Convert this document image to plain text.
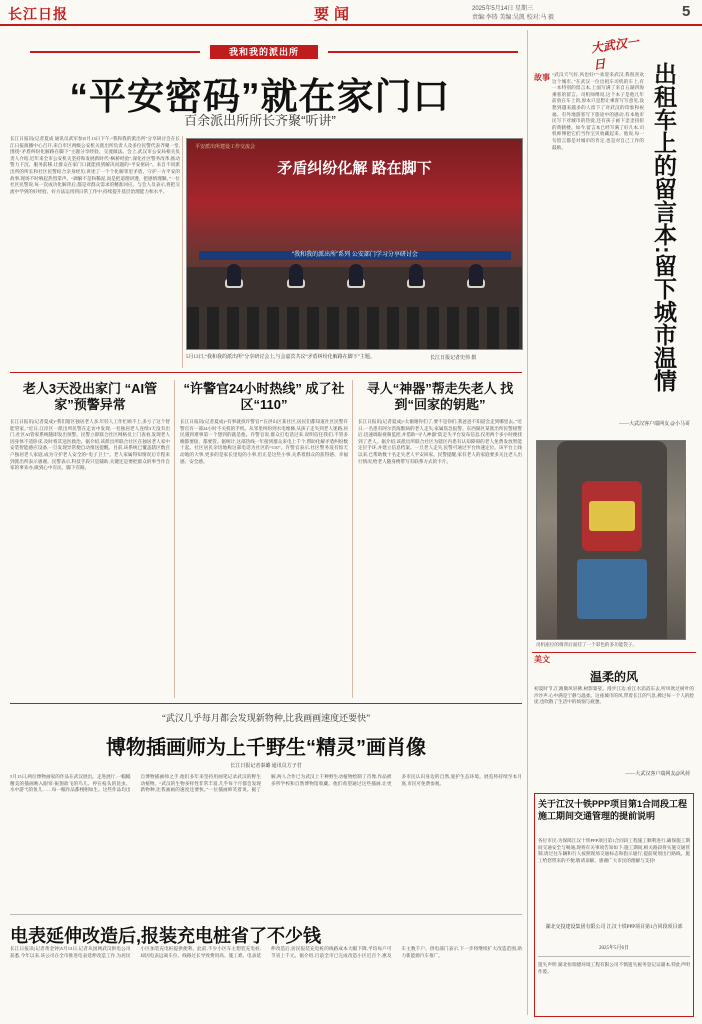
长江日报	要闻	2025年5月14日 星期三
责编:李铸 美编:吴凯 校对:马 毅	5
我和我的派出所
“平安密码”就在家门口
百余派出所所长齐聚“听讲”
长江日报讯(记者夏成 通讯员武军参)5月13日下午,“我和我的派出所”分享研讨会在长江日报演播中心召开,来自市区两级公安机关派出所负责人及多位民警代表齐聚一堂,围绕“矛盾纠纷化解路在脚下”主题分享经验、交流做法。会上,武汉市公安局相关负责人介绍,近年来全市公安机关坚持和发展新时代“枫桥经验”,深化社区警务改革,推动警力下沉、服务前移,让群众在家门口就能找到解决问题的“平安密码”。来自不同派出所的所长和社区民警结合亲身经历,讲述了一个个化解邻里矛盾、守护一方平安的故事,现场不时响起热烈掌声。“调解不是和稀泥,而是把道理讲透、把感情理顺。”一位社区民警说,每一次成功化解背后,都是对群众需求的精准回应。与会人员表示,将把交流中学到的好经验、好方法运用到日常工作中,持续提升基层治理能力和水平。
平安派出所建设工作交流会
矛盾纠纷化解 路在脚下
“我和我的派出所”系列 公安部门学习分享研讨会
5月13日,“我和我的派出所”分享研讨会上,与会嘉宾共议“矛盾纠纷化解路在脚下”主题。	长江日报记者史伟 摄
老人3天没出家门 “AI管家”预警异常
长江日报讯(记者夏成)“我们辖区独居老人多,年轻人工作忙顾不上,多亏了这个智能管家。”近日,江岸区一派出所民警在走访中发现,一名独居老人连续3天没有出门,社区AI管家系统随即发出预警。民警立即联合社区网格员上门查看,发现老人因身体不适卧床,及时将其送医救治。据介绍,该派出所联合社区在独居老人家中安装智能感应设备,一旦发现异常便自动推送提醒。目前,该系统已覆盖辖区数百户独居老人家庭,成为守护老人安全的“电子卫士”。老人家属得知情况后专程来到派出所表示感谢。民警表示,科技手段只是辅助,关键还是要把群众的事当作自家的事来办,做到心中有民、脚下有路。
“许警官24小时热线” 成了社区“110”
长江日报讯(记者夏成)“有事就找许警官!”在洪山区某社区,居民们都知道社区民警许警官有一部24小时不关机的手机。从邻里纠纷到水电维修,从孩子走失到老人迷路,居民遇到难事第一个想到的就是他。许警官说,群众打电话过来,说明信任我们,不管多晚都要接、都要管。据统计,这部热线一年接到群众来电上千个,帮助化解矛盾纠纷数十起。社区居民亲切地称这部电话为社区的“110”。许警官表示,社区警务没有惊天动地的大事,更多的是家长里短的小事,但正是这些小事,关系着群众的获得感、幸福感、安全感。
寻人“神器”帮走失老人 找到“回家的钥匙”
长江日报讯(记者夏成)“太谢谢你们了,要不是你们,我爸爸不知道会走到哪里去。”近日,一名患有阿尔茨海默病的老人走失,家属焦急报警。东西湖区某派出所民警接警后,迅速调取视频监控,并借助“寻人神器”防走失平台发布信息,仅用两个多小时便找到了老人。据介绍,该派出所联合社区为辖区内患有认知障碍的老人免费发放智能定位手环,并建立信息档案。一旦老人走失,民警可通过平台快速定位。该平台上线以来,已帮助数十名走失老人平安回家。民警提醒,家有老人的家庭要多关注老人出行情况,给老人随身携带写有联系方式的卡片。
“武汉几乎每月都会发现新物种,比我画画速度还要快”
博物插画师为上千野生“精灵”画肖像
长江日报记者秦璐 通讯员方子君
5月15日,两位博物画家的作品在武汉展出。走进展厅,一幅幅精美的插画映入眼帘:振翅欲飞的鸟儿、停在枝头的昆虫、水中游弋的鱼儿……每一幅作品都栩栩如生。这些作品均出自博物插画师之手,他们多年来坚持用画笔记录武汉的野生动植物。“武汉的生物多样性非常丰富,几乎每个月都会发现新物种,比我画画的速度还要快。”一位插画师笑着说。据了解,两人合作已为武汉上千种野生动植物绘制了肖像,作品被多所学校和自然博物馆收藏。他们希望通过这些插画,让更多市民认识身边的自然,爱护生态环境。展览将持续至本月底,市民可免费参观。
电表延伸改造后,报装充电桩省了不少钱
长江日报讯(记者黄金钟)5月13日,记者从国网武汉供电公司获悉,今年以来,该公司在全市推进电表延伸改造工作,为居民小区加装充电桩提供便利。此前,不少小区车主想装充电桩,却因电表远离车位、线路过长导致费用高、施工难。电表延伸改造后,居民报装充电桩的线路成本大幅下降,平均每户可节省上千元。据介绍,目前全市已完成改造小区近百个,惠及车主数千户。供电部门表示,下一步将继续扩大改造范围,助力新能源汽车推广。
大武汉一日	出租车上的留言本:留下城市温情
故事 “武汉天气好,风也好!”“欢迎来武汉,我很喜欢这个城市。”在武汉一位出租车司机的车上,有一本特别的留言本,上面写满了来自五湖四海乘客的留言。司机师傅说,这个本子是他几年前放在车上的,原本只是想让乘客写写意见,没想到越来越多的人留下了对武汉的印象和祝福。有外地游客写下旅途中的感动,有本地市民写下对城市的热爱,还有孩子画下歪歪扭扭的黄鹤楼。如今,留言本已经写满了好几本,司机师傅把它们当作宝贝收藏起来。他说,每一句留言都是对城市的肯定,也是对自己工作的鼓励。
——大武汉客户端网友 @小马哥
司机座位的椅背后面挂了一个彩色的多功能袋子。
美文
温柔的风
初夏时节,江滩微风轻拂,树影婆娑。漫步江边,看江水滔滔东去,听风吹过树叶的沙沙声,心中满是宁静与温柔。这座城市的风,带着长江的气息,拂过每一个人的脸庞,也吹散了生活中的烦恼与疲惫。
——大武汉客户端网友@风荷
关于江汉十铁PPP项目第1合同段工程施工期间交通管理的提前说明
各位市民:为保障江汉十铁PPP项目第1合同段工程施工顺利进行,确保施工期间交通安全与畅通,现将有关事项告知如下:施工期间,相关路段将实施交通管制,请过往车辆和行人按照现场交通标志和指示通行,提前规划出行路线。施工给您带来的不便,敬请谅解。感谢广大市民的理解与支持!
湖北交投建设集团有限公司 江汉十铁PPP项目第1合同段项目部
2025年5月6日
遗失声明 湖北恒瑞德环境工程有限公司不慎遗失税务登记证副本,特此声明作废。
